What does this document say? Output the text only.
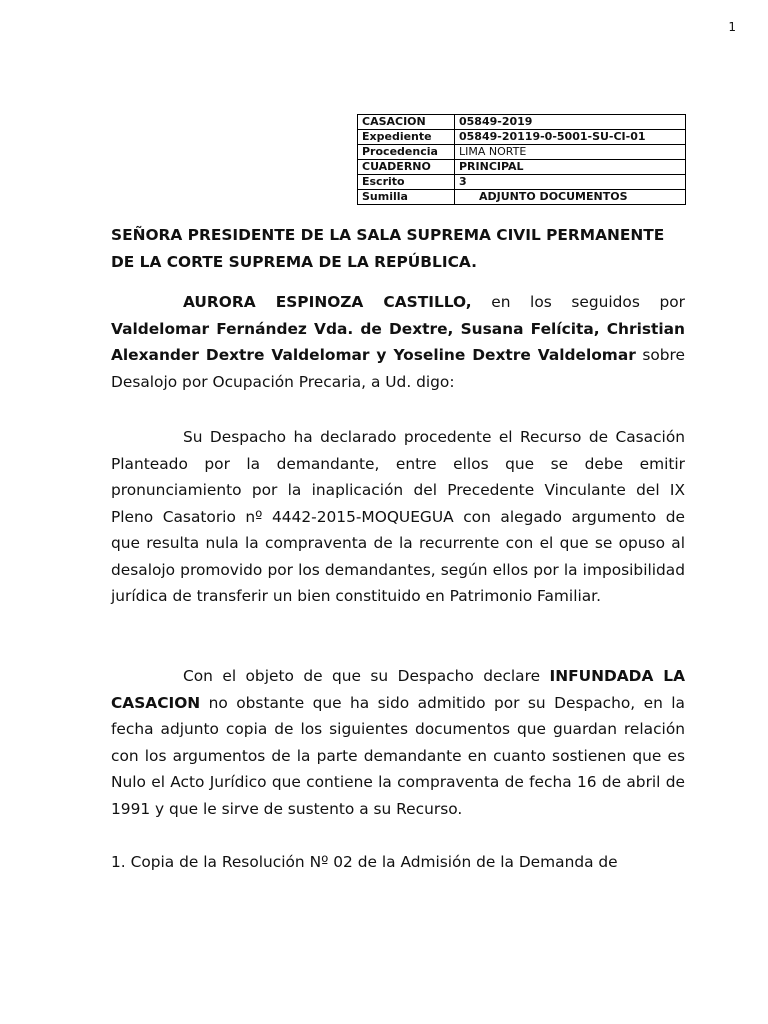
1
CASACION	05849-2019
Expediente	05849-20119-0-5001-SU-CI-01
Procedencia	LIMA NORTE
CUADERNO	PRINCIPAL
Escrito	3
Sumilla	ADJUNTO DOCUMENTOS
SEÑORA PRESIDENTE DE LA SALA SUPREMA CIVIL PERMANENTE DE LA CORTE SUPREMA DE LA REPÚBLICA.

AURORA ESPINOZA CASTILLO, en los seguidos por Valdelomar Fernández Vda. de Dextre, Susana Felícita, Christian Alexander Dextre Valdelomar y Yoseline Dextre Valdelomar sobre Desalojo por Ocupación Precaria, a Ud. digo:

Su Despacho ha declarado procedente el Recurso de Casación Planteado por la demandante, entre ellos que se debe emitir pronunciamiento por la inaplicación del Precedente Vinculante del IX Pleno Casatorio nº 4442-2015-MOQUEGUA con alegado argumento de que resulta nula la compraventa de la recurrente con el que se opuso al desalojo promovido por los demandantes, según ellos por la imposibilidad jurídica de transferir un bien constituido en Patrimonio Familiar.

Con el objeto de que su Despacho declare INFUNDADA LA CASACION no obstante que ha sido admitido por su Despacho, en la fecha adjunto copia de los siguientes documentos que guardan relación con los argumentos de la parte demandante en cuanto sostienen que es Nulo el Acto Jurídico que contiene la compraventa de fecha 16 de abril de 1991 y que le sirve de sustento a su Recurso.

1. Copia de la Resolución Nº 02 de la Admisión de la Demanda de
